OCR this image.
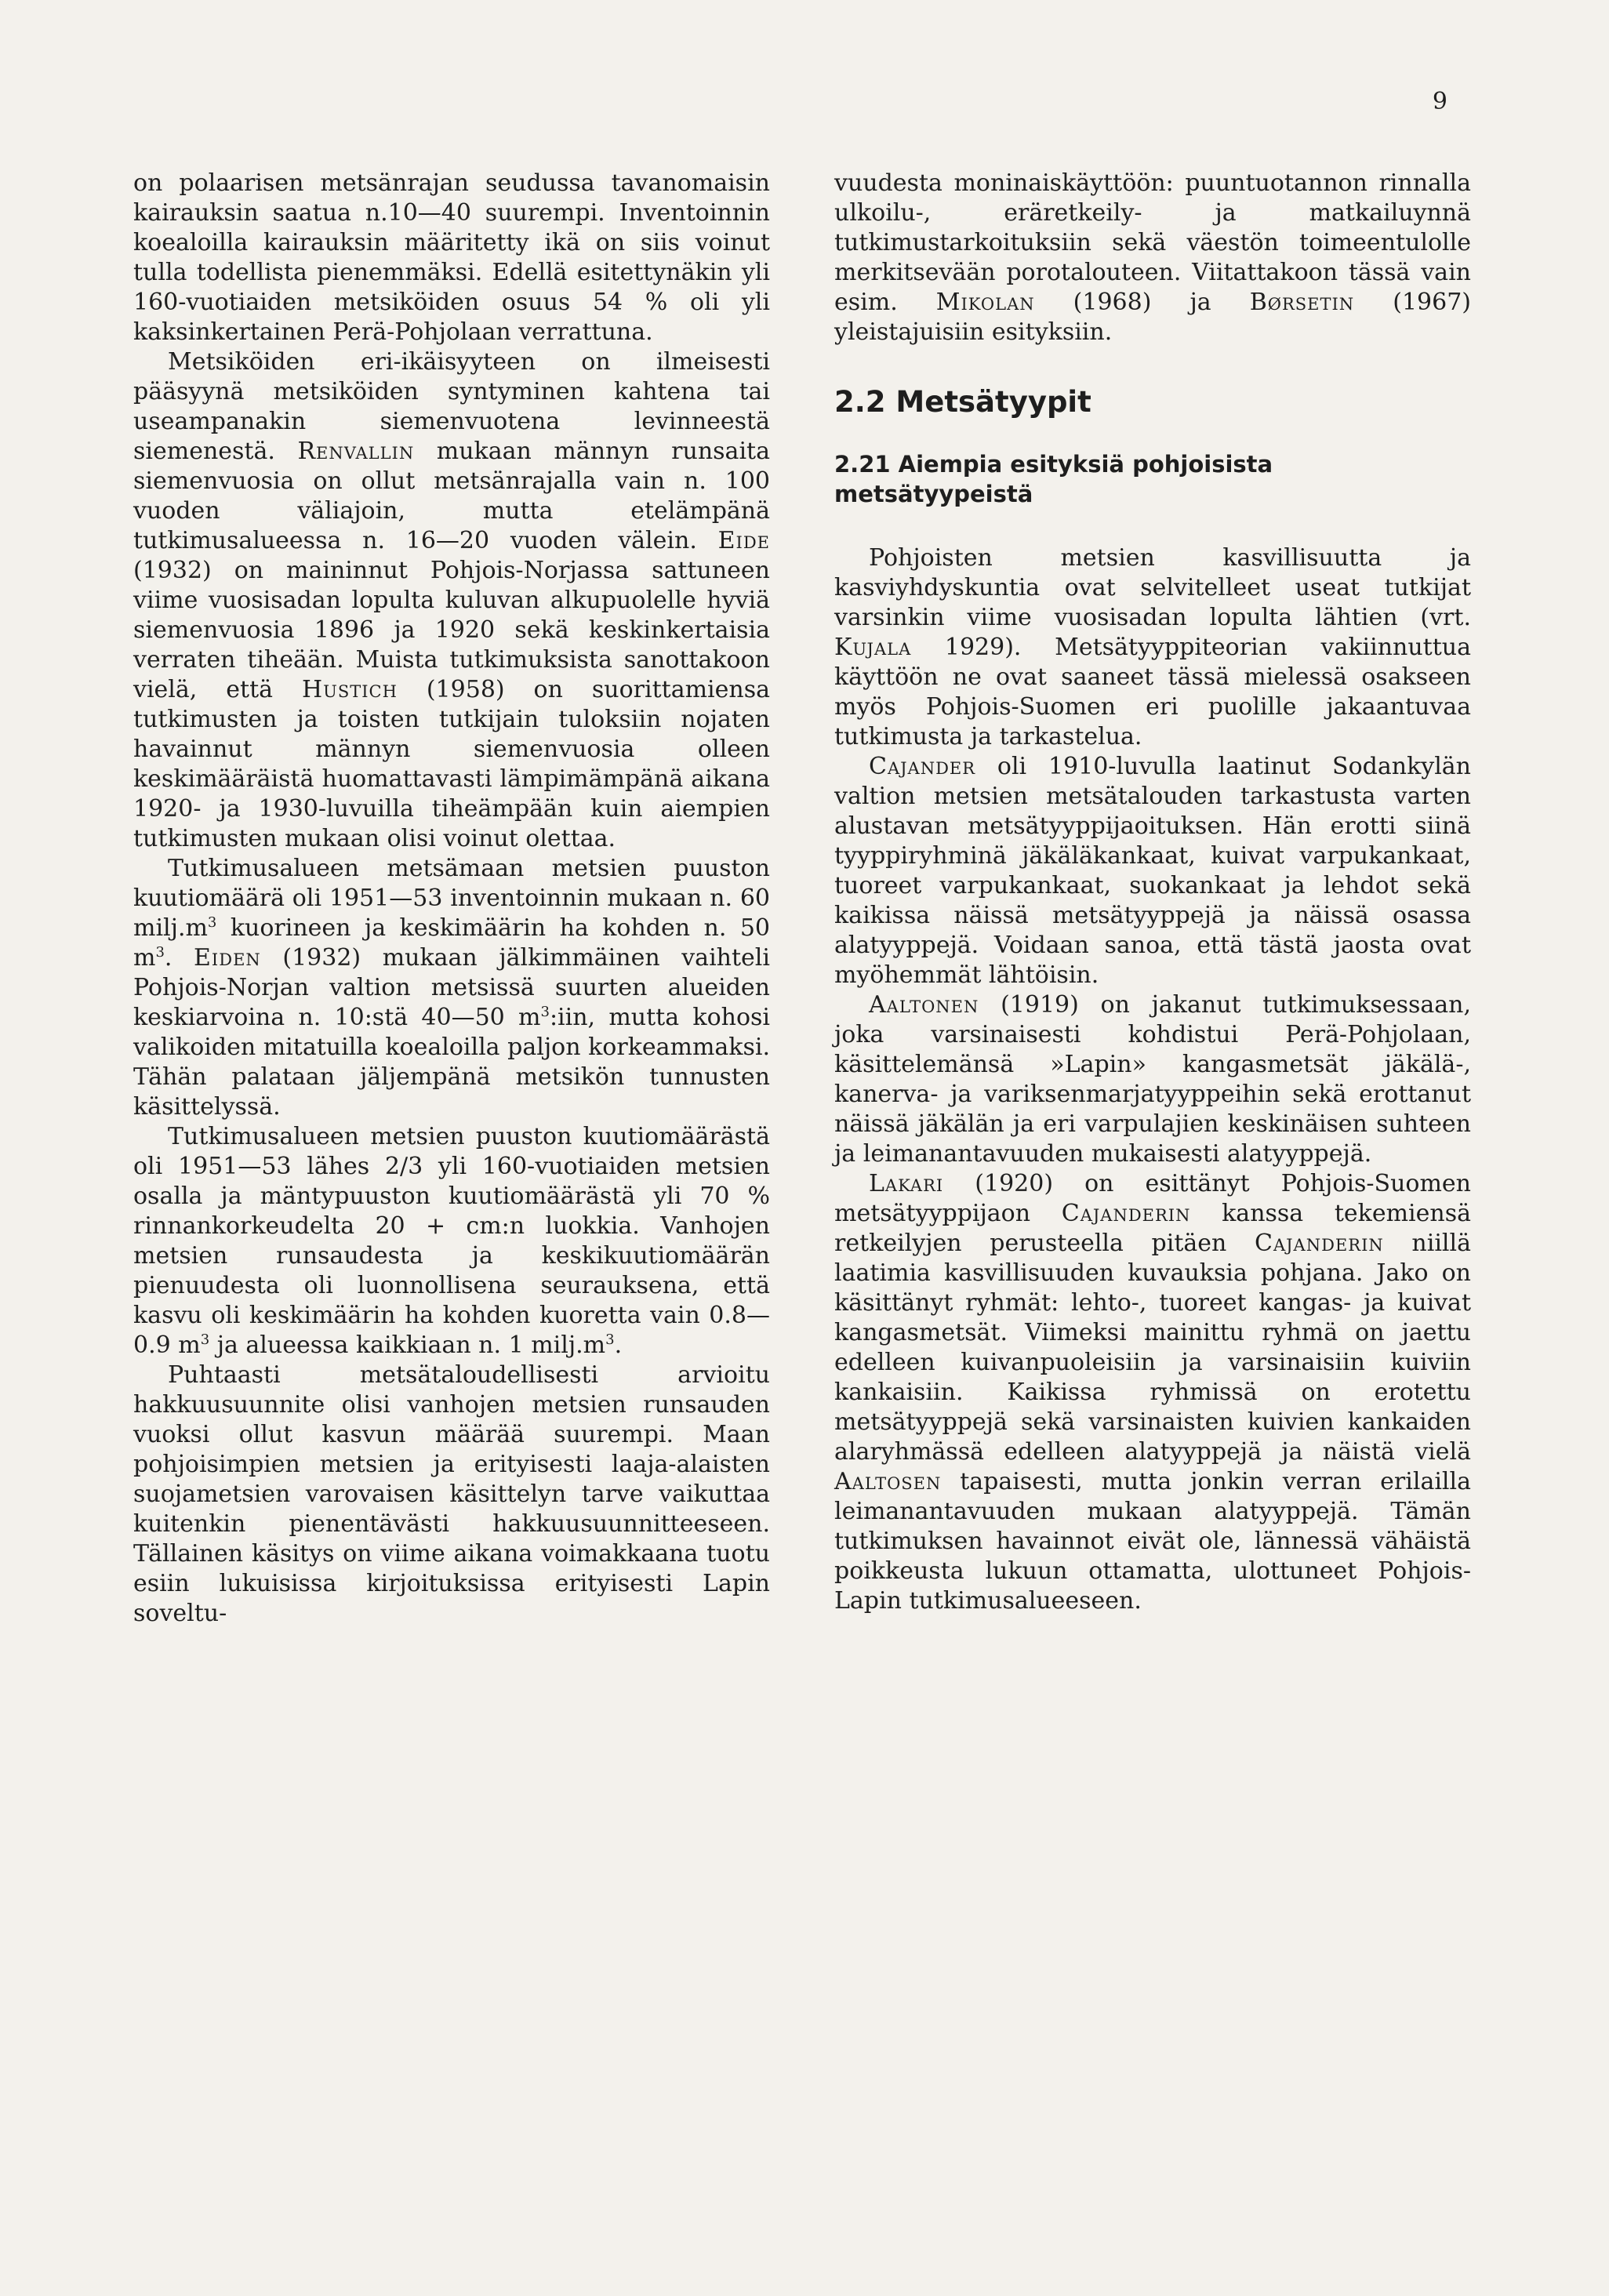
9

on polaarisen metsänrajan seudussa tavanomaisin kairauksin saatua n.10—40 suurempi. Inventoinnin koealoilla kairauksin määritetty ikä on siis voinut tulla todellista pienemmäksi. Edellä esitettynäkin yli 160-vuotiaiden metsiköiden osuus 54 % oli yli kaksinkertainen Perä-Pohjolaan verrattuna.

Metsiköiden eri-ikäisyyteen on ilmeisesti pääsyynä metsiköiden syntyminen kahtena tai useampanakin siemenvuotena levinneestä siemenestä. Renvallin mukaan männyn runsaita siemenvuosia on ollut metsänrajalla vain n. 100 vuoden väliajoin, mutta etelämpänä tutkimusalueessa n. 16—20 vuoden välein. Eide (1932) on maininnut Pohjois-Norjassa sattuneen viime vuosisadan lopulta kuluvan alkupuolelle hyviä siemenvuosia 1896 ja 1920 sekä keskinkertaisia verraten tiheään. Muista tutkimuksista sanottakoon vielä, että Hustich (1958) on suorittamiensa tutkimusten ja toisten tutkijain tuloksiin nojaten havainnut männyn siemenvuosia olleen keskimääräistä huomattavasti lämpimämpänä aikana 1920- ja 1930-luvuilla tiheämpään kuin aiempien tutkimusten mukaan olisi voinut olettaa.

Tutkimusalueen metsämaan metsien puuston kuutiomäärä oli 1951—53 inventoinnin mukaan n. 60 $milj.m^3$ kuorineen ja keskimäärin ha kohden n. 50 $m^3$. Eiden (1932) mukaan jälkimmäinen vaihteli Pohjois-Norjan valtion metsissä suurten alueiden keskiarvoina n. 10:stä 40—50 $m^3:iin$, mutta kohosi valikoiden mitatuilla koealoilla paljon korkeammaksi. Tähän palataan jäljempänä metsikön tunnusten käsittelyssä.

Tutkimusalueen metsien puuston kuutiomäärästä oli 1951—53 lähes 2/3 yli 160-vuotiaiden metsien osalla ja mäntypuuston kuutiomäärästä yli 70 % rinnankorkeudelta 20 + cm:n luokkia. Vanhojen metsien runsaudesta ja keskikuutiomäärän pienuudesta oli luonnollisena seurauksena, että kasvu oli keskimäärin ha kohden kuoretta vain 0.8—0.9 $m^3$ ja alueessa kaikkiaan n. 1 $milj.m^3$.

Puhtaasti metsätaloudellisesti arvioitu hakkuusuunnite olisi vanhojen metsien runsauden vuoksi ollut kasvun määrää suurempi. Maan pohjoisimpien metsien ja erityisesti laaja-alaisten suojametsien varovaisen käsittelyn tarve vaikuttaa kuitenkin pienentävästi hakkuusuunnitteeseen. Tällainen käsitys on viime aikana voimakkaana tuotu esiin lukuisissa kirjoituksissa erityisesti Lapin soveltu-

vuudesta moninaiskäyttöön: puuntuotannon rinnalla ulkoilu-, eräretkeily- ja matkailuynnä tutkimustarkoituksiin sekä väestön toimeentulolle merkitsevään porotalouteen. Viitattakoon tässä vain esim. Mikolan (1968) ja Børsetin (1967) yleistajuisiin esityksiin.

2.2 Metsätyypit
2.21 Aiempia esityksiä pohjoisista metsätyypeistä

Pohjoisten metsien kasvillisuutta ja kasviyhdyskuntia ovat selvitelleet useat tutkijat varsinkin viime vuosisadan lopulta lähtien (vrt. Kujala 1929). Metsätyyppiteorian vakiinnuttua käyttöön ne ovat saaneet tässä mielessä osakseen myös Pohjois-Suomen eri puolille jakaantuvaa tutkimusta ja tarkastelua.

Cajander oli 1910-luvulla laatinut Sodankylän valtion metsien metsätalouden tarkastusta varten alustavan metsätyyppijaoituksen. Hän erotti siinä tyyppiryhminä jäkäläkankaat, kuivat varpukankaat, tuoreet varpukankaat, suokankaat ja lehdot sekä kaikissa näissä metsätyyppejä ja näissä osassa alatyyppejä. Voidaan sanoa, että tästä jaosta ovat myöhemmät lähtöisin.

Aaltonen (1919) on jakanut tutkimuksessaan, joka varsinaisesti kohdistui Perä-Pohjolaan, käsittelemänsä »Lapin» kangasmetsät jäkälä-, kanerva- ja variksenmarjatyyppeihin sekä erottanut näissä jäkälän ja eri varpulajien keskinäisen suhteen ja leimanantavuuden mukaisesti alatyyppejä.

Lakari (1920) on esittänyt Pohjois-Suomen metsätyyppijaon Cajanderin kanssa tekemiensä retkeilyjen perusteella pitäen Cajanderin niillä laatimia kasvillisuuden kuvauksia pohjana. Jako on käsittänyt ryhmät: lehto-, tuoreet kangas- ja kuivat kangasmetsät. Viimeksi mainittu ryhmä on jaettu edelleen kuivanpuoleisiin ja varsinaisiin kuiviin kankaisiin. Kaikissa ryhmissä on erotettu metsätyyppejä sekä varsinaisten kuivien kankaiden alaryhmässä edelleen alatyyppejä ja näistä vielä Aaltosen tapaisesti, mutta jonkin verran erilailla leimanantavuuden mukaan alatyyppejä. Tämän tutkimuksen havainnot eivät ole, lännessä vähäistä poikkeusta lukuun ottamatta, ulottuneet Pohjois-Lapin tutkimusalueeseen.
